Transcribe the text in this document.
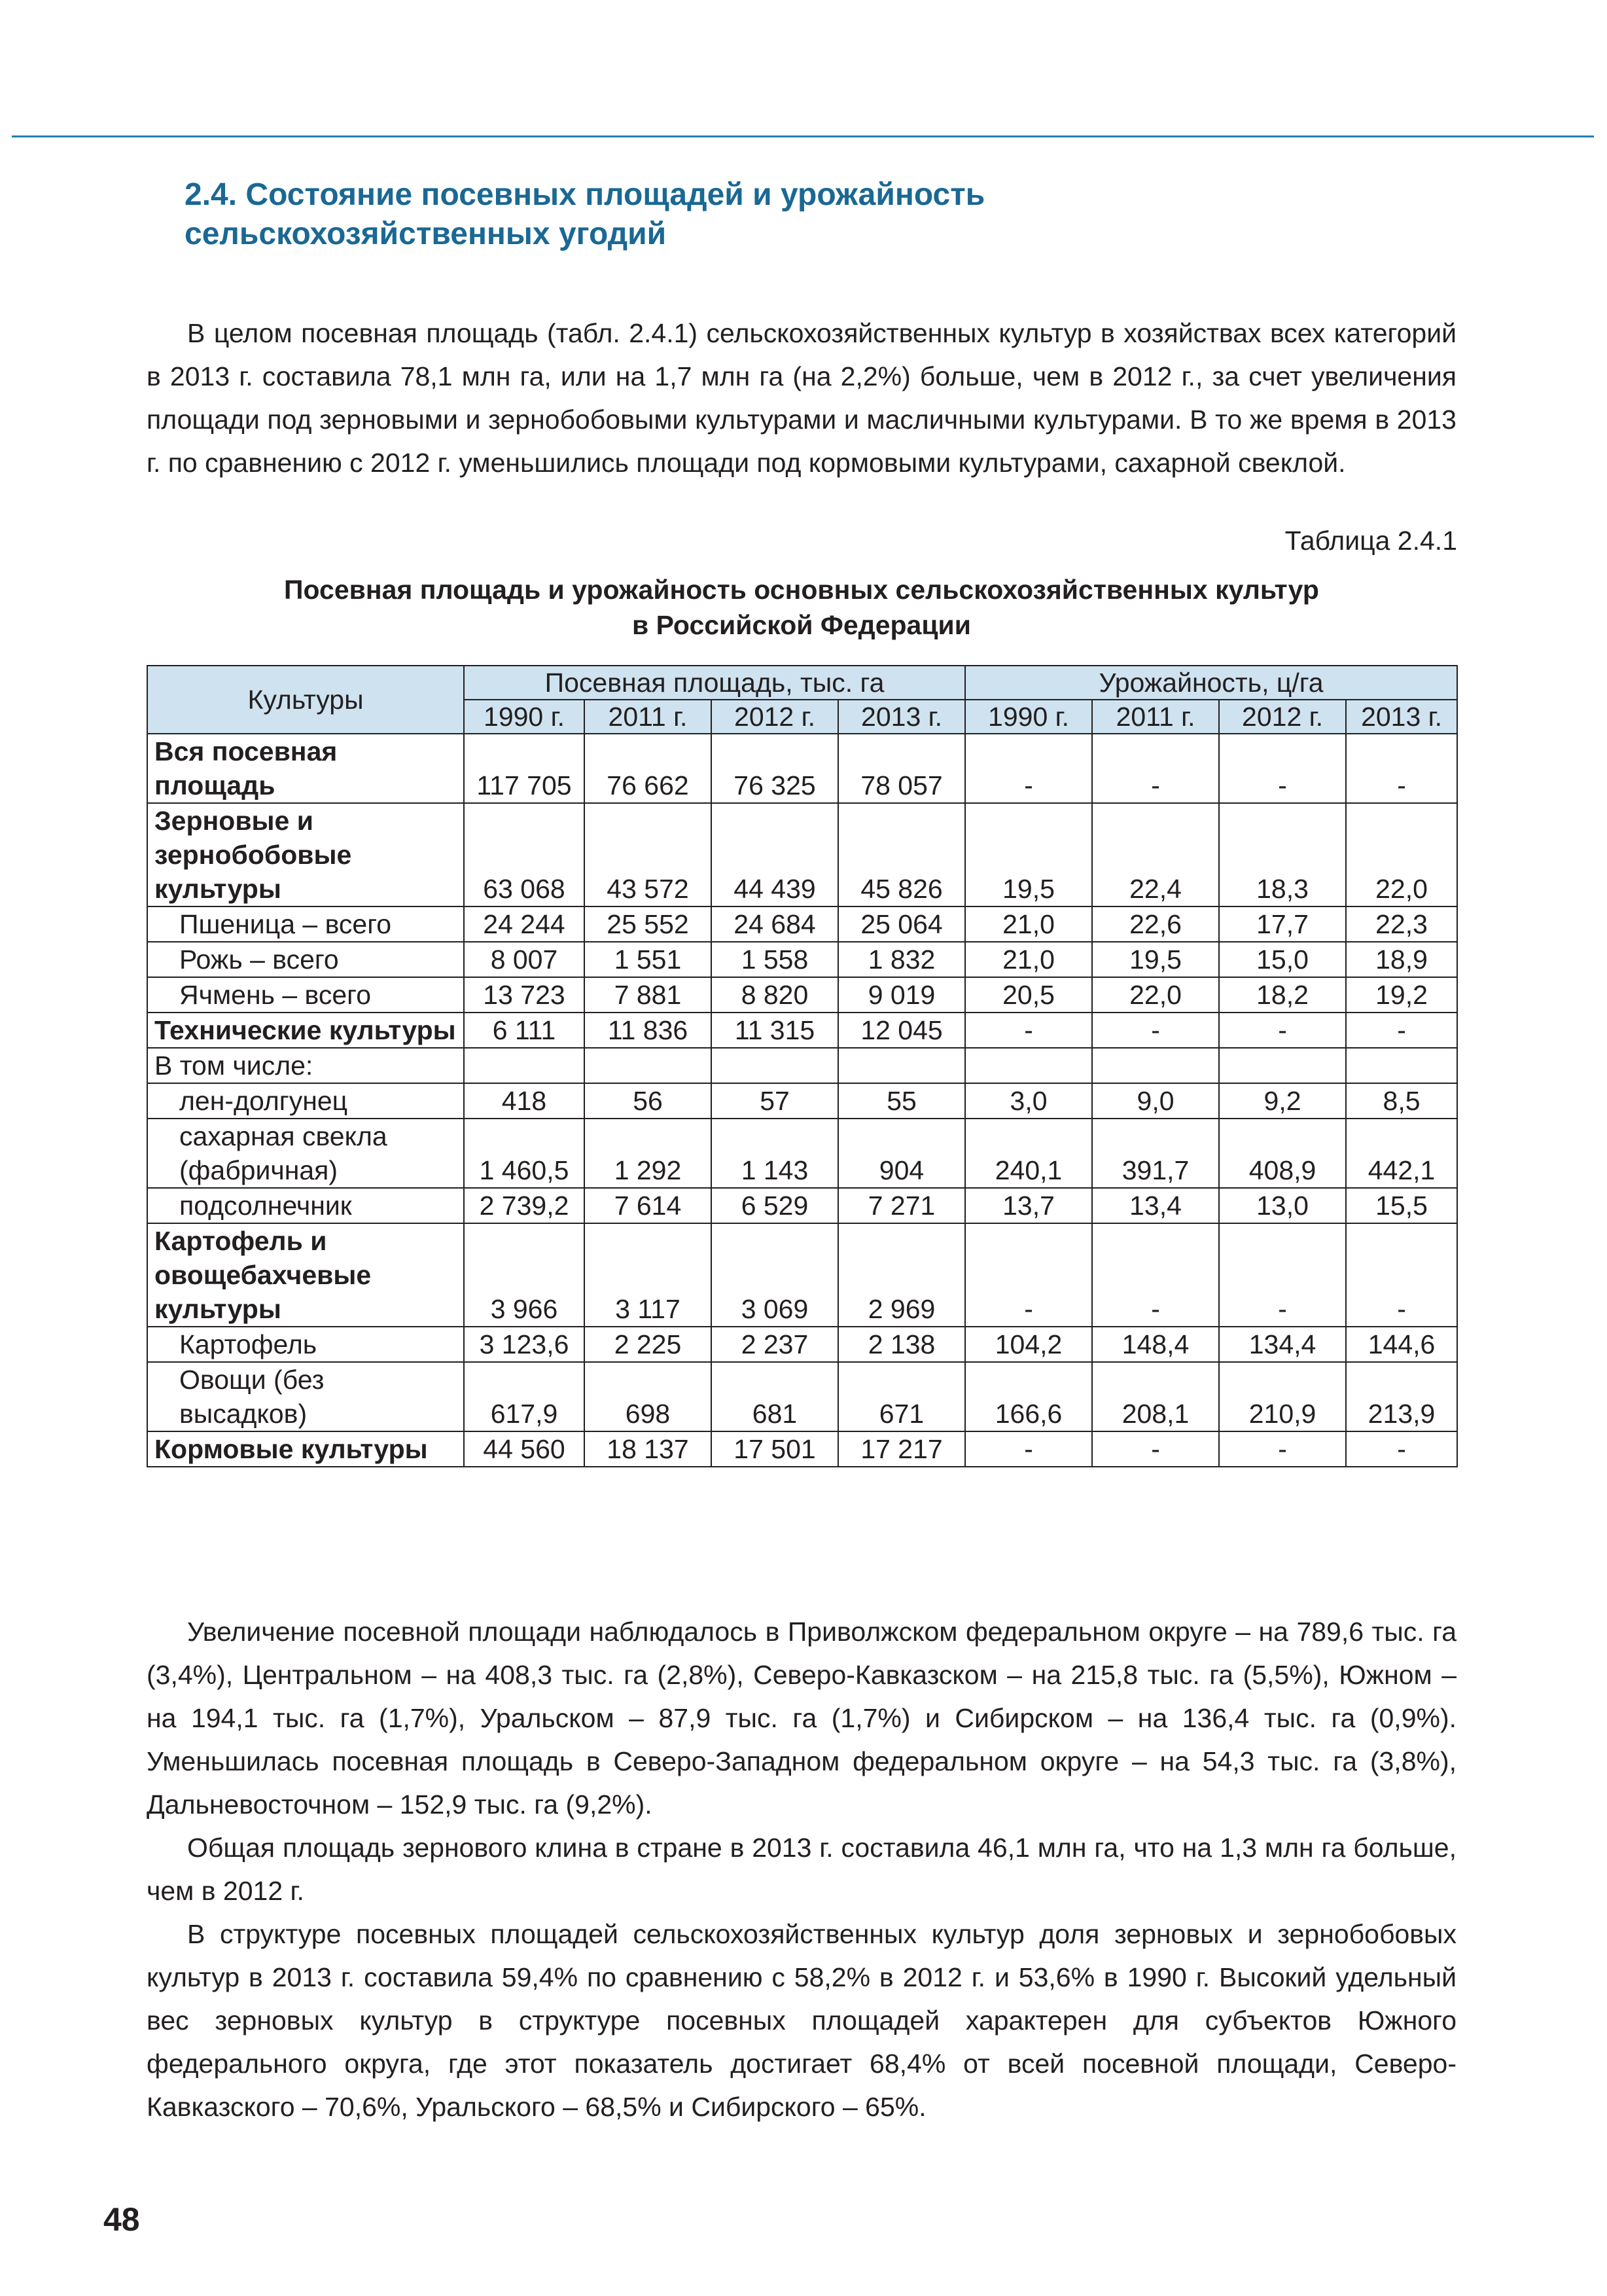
2.4. Состояние посевных площадей и урожайность
сельскохозяйственных угодий

В целом посевная площадь (табл. 2.4.1) сельскохозяйственных культур в хозяйствах всех категорий в 2013 г. составила 78,1 млн га, или на 1,7 млн га (на 2,2%) больше, чем в 2012 г., за счет увеличения площади под зерновыми и зернобобовыми культурами и масличными культурами. В то же время в 2013 г. по сравнению с 2012 г. уменьшились площади под кормовыми культурами, сахарной свеклой.

Таблица 2.4.1

Посевная площадь и урожайность основных сельскохозяйственных культур
в Российской Федерации

Культуры	Посевная площадь, тыс. га				Урожайность, ц/га			
	1990 г.	2011 г.	2012 г.	2013 г.	1990 г.	2011 г.	2012 г.	2013 г.
Вся посевная площадь	117 705	76 662	76 325	78 057	-	-	-	-
Зерновые и зернобобовые культуры	63 068	43 572	44 439	45 826	19,5	22,4	18,3	22,0
Пшеница – всего	24 244	25 552	24 684	25 064	21,0	22,6	17,7	22,3
Рожь – всего	8 007	1 551	1 558	1 832	21,0	19,5	15,0	18,9
Ячмень – всего	13 723	7 881	8 820	9 019	20,5	22,0	18,2	19,2
Технические культуры	6 111	11 836	11 315	12 045	-	-	-	-
В том числе:								
лен-долгунец	418	56	57	55	3,0	9,0	9,2	8,5
сахарная свекла (фабричная)	1 460,5	1 292	1 143	904	240,1	391,7	408,9	442,1
подсолнечник	2 739,2	7 614	6 529	7 271	13,7	13,4	13,0	15,5
Картофель и овощебахчевые культуры	3 966	3 117	3 069	2 969	-	-	-	-
Картофель	3 123,6	2 225	2 237	2 138	104,2	148,4	134,4	144,6
Овощи (без высадков)	617,9	698	681	671	166,6	208,1	210,9	213,9
Кормовые культуры	44 560	18 137	17 501	17 217	-	-	-	-

Увеличение посевной площади наблюдалось в Приволжском федеральном округе – на 789,6 тыс. га (3,4%), Центральном – на 408,3 тыс. га (2,8%), Северо-Кавказском – на 215,8 тыс. га (5,5%), Южном – на 194,1 тыс. га (1,7%), Уральском – 87,9 тыс. га (1,7%) и Сибирском – на 136,4 тыс. га (0,9%). Уменьшилась посевная площадь в Северо-Западном федеральном округе – на 54,3 тыс. га (3,8%), Дальневосточном – 152,9 тыс. га (9,2%).

Общая площадь зернового клина в стране в 2013 г. составила 46,1 млн га, что на 1,3 млн га больше, чем в 2012 г.

В структуре посевных площадей сельскохозяйственных культур доля зерновых и зернобобовых культур в 2013 г. составила 59,4% по сравнению с 58,2% в 2012 г. и 53,6% в 1990 г. Высокий удельный вес зерновых культур в структуре посевных площадей характерен для субъектов Южного федерального округа, где этот показатель достигает 68,4% от всей посевной площади, Северо-Кавказского – 70,6%, Уральского – 68,5% и Сибирского – 65%.

48
